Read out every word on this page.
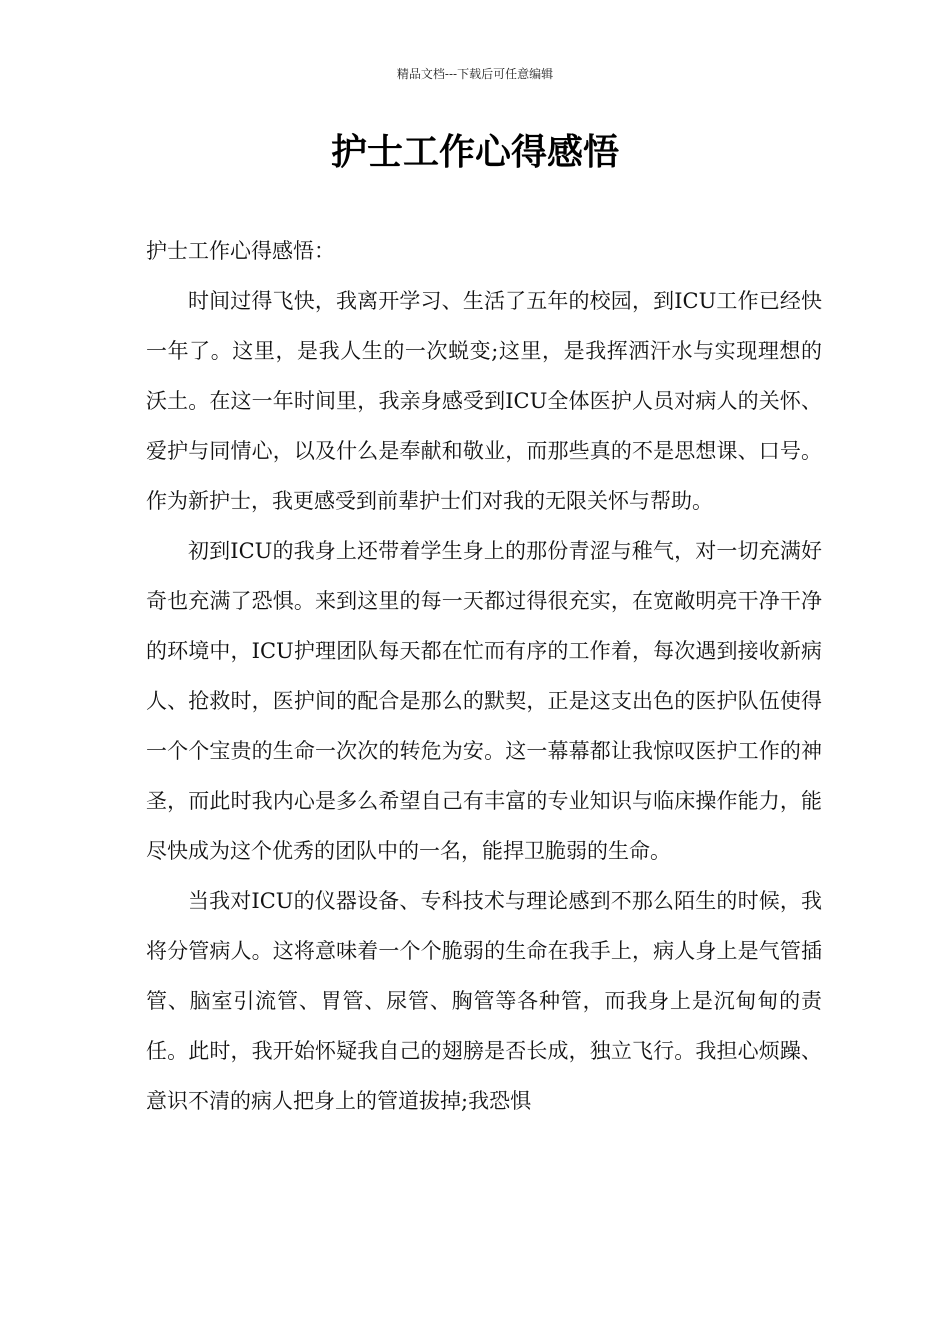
精品文档---下载后可任意编辑
护士工作心得感悟

护士工作心得感悟：

时间过得飞快，我离开学习、生活了五年的校园，到ICU工作已经快一年了。这里，是我人生的一次蜕变;这里，是我挥洒汗水与实现理想的沃土。在这一年时间里，我亲身感受到ICU全体医护人员对病人的关怀、爱护与同情心，以及什么是奉献和敬业，而那些真的不是思想课、口号。作为新护士，我更感受到前辈护士们对我的无限关怀与帮助。

初到ICU的我身上还带着学生身上的那份青涩与稚气，对一切充满好奇也充满了恐惧。来到这里的每一天都过得很充实，在宽敞明亮干净干净的环境中，ICU护理团队每天都在忙而有序的工作着，每次遇到接收新病人、抢救时，医护间的配合是那么的默契，正是这支出色的医护队伍使得一个个宝贵的生命一次次的转危为安。这一幕幕都让我惊叹医护工作的神圣，而此时我内心是多么希望自己有丰富的专业知识与临床操作能力，能尽快成为这个优秀的团队中的一名，能捍卫脆弱的生命。

当我对ICU的仪器设备、专科技术与理论感到不那么陌生的时候，我将分管病人。这将意味着一个个脆弱的生命在我手上，病人身上是气管插管、脑室引流管、胃管、尿管、胸管等各种管，而我身上是沉甸甸的责任。此时，我开始怀疑我自己的翅膀是否长成，独立飞行。我担心烦躁、意识不清的病人把身上的管道拔掉;我恐惧
